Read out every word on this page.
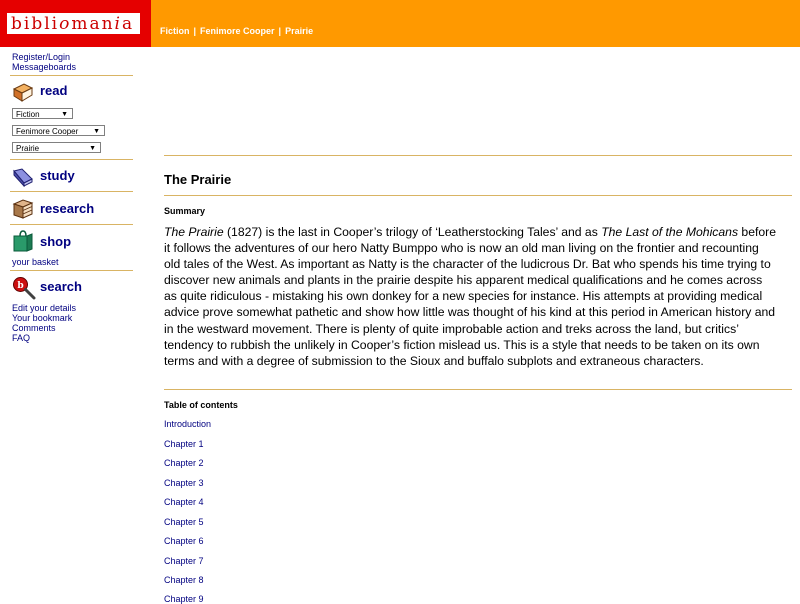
bibli o man i a	Fiction | Fenimore Cooper | Prairie
Register/Login
Messageboards
read
Fiction	▼
Fenimore Cooper ▼
Prairie	▼
study
research
shop
your basket
b search
Edit your details
Your bookmark
Comments
FAQ
The Prairie
Summary
The Prairie (1827) is the last in Cooper’s trilogy of ‘Leatherstocking Tales’ and as The Last of the Mohicans before it follows the adventures of our hero Natty Bumppo who is now an old man living on the frontier and recounting old tales of the West. As important as Natty is the character of the ludicrous Dr. Bat who spends his time trying to discover new animals and plants in the prairie despite his apparent medical qualifications and he comes across as quite ridiculous - mistaking his own donkey for a new species for instance. His attempts at providing medical advice prove somewhat pathetic and show how little was thought of his kind at this period in American history and in the westward movement. There is plenty of quite improbable action and treks across the land, but critics’ tendency to rubbish the unlikely in Cooper’s fiction mislead us. This is a style that needs to be taken on its own terms and with a degree of submission to the Sioux and buffalo subplots and extraneous characters.
Table of contents
Introduction
Chapter 1
Chapter 2
Chapter 3
Chapter 4
Chapter 5
Chapter 6
Chapter 7
Chapter 8
Chapter 9
